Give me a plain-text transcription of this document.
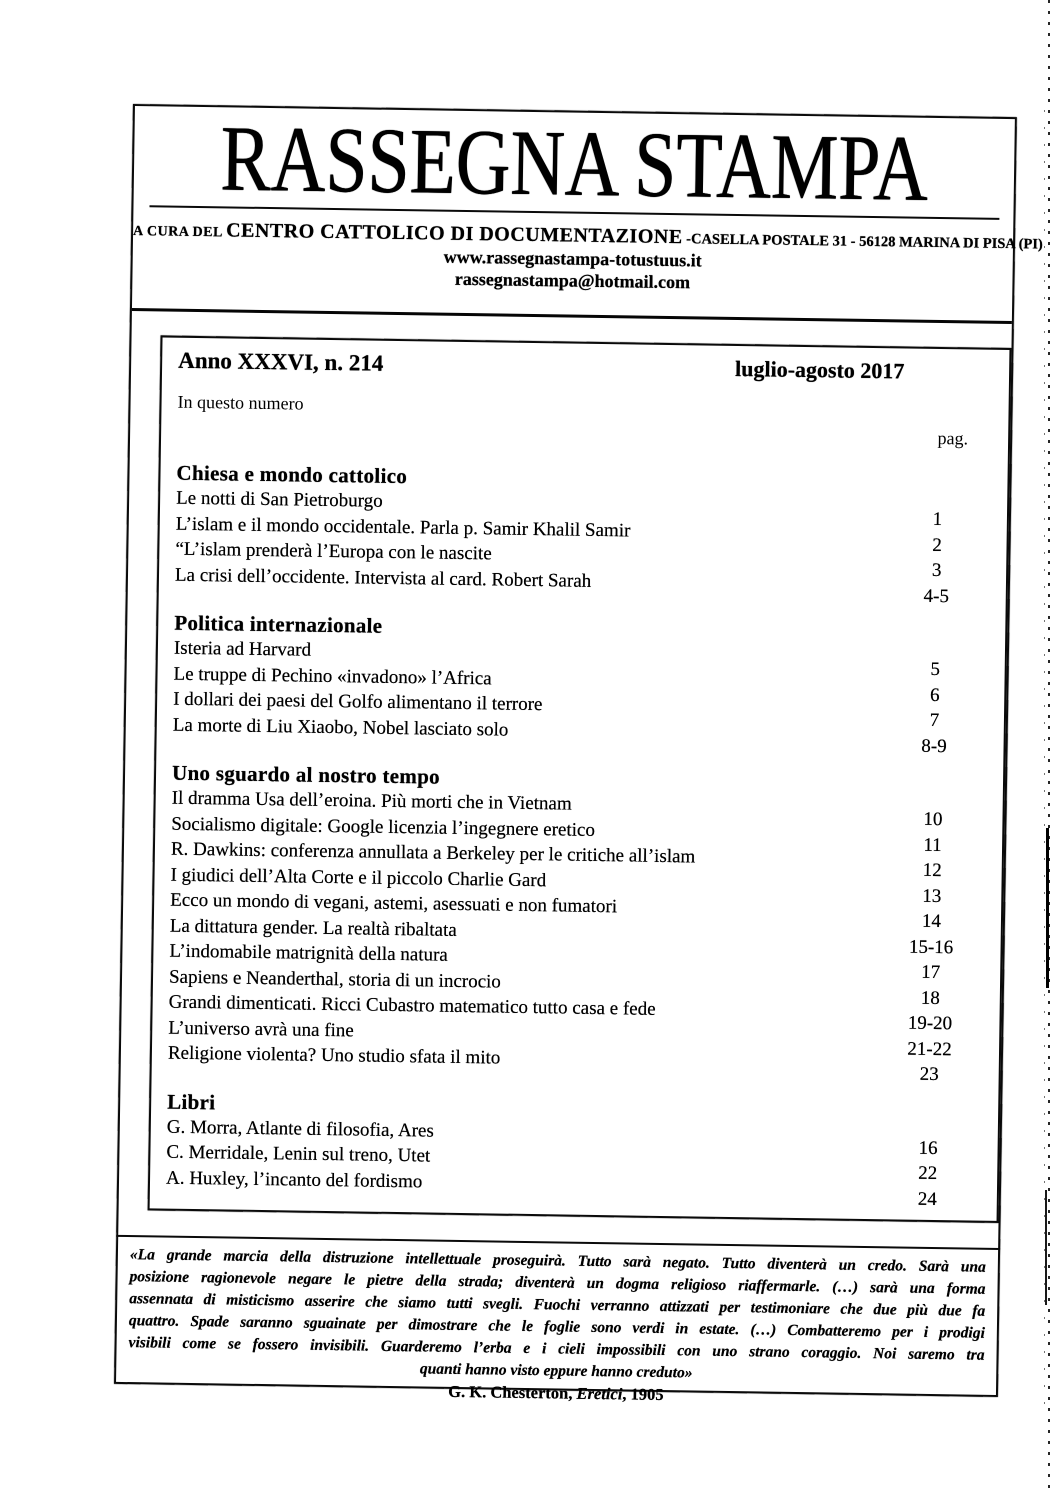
RASSEGNA STAMPA
A CURA DEL CENTRO CATTOLICO DI DOCUMENTAZIONE -CASELLA POSTALE 31 - 56128 MARINA DI PISA (PI)
www.rassegnastampa-totustuus.it
rassegnastampa@hotmail.com
Anno XXXVI, n. 214	luglio-agosto 2017
In questo numero
pag.
Chiesa e mondo cattolico
Le notti di San Pietroburgo
1
L’islam e il mondo occidentale. Parla p. Samir Khalil Samir
2
“L’islam prenderà l’Europa con le nascite
3
La crisi dell’occidente. Intervista al card. Robert Sarah
4-5
Politica internazionale
Isteria ad Harvard
5
Le truppe di Pechino «invadono» l’Africa
6
I dollari dei paesi del Golfo alimentano il terrore
7
La morte di Liu Xiaobo, Nobel lasciato solo
8-9
Uno sguardo al nostro tempo
Il dramma Usa dell’eroina. Più morti che in Vietnam
10
Socialismo digitale: Google licenzia l’ingegnere eretico
11
R. Dawkins: conferenza annullata a Berkeley per le critiche all’islam
12
I giudici dell’Alta Corte e il piccolo Charlie Gard
13
Ecco un mondo di vegani, astemi, asessuati e non fumatori
14
La dittatura gender. La realtà ribaltata
15-16
L’indomabile matrignità della natura
17
Sapiens e Neanderthal, storia di un incrocio
18
Grandi dimenticati. Ricci Cubastro matematico tutto casa e fede
19-20
L’universo avrà una fine
21-22
Religione violenta? Uno studio sfata il mito
23
Libri
G. Morra, Atlante di filosofia, Ares
16
C. Merridale, Lenin sul treno, Utet
22
A. Huxley, l’incanto del fordismo
24
«La grande marcia della distruzione intellettuale proseguirà. Tutto sarà negato. Tutto diventerà un credo. Sarà una
posizione ragionevole negare le pietre della strada; diventerà un dogma religioso riaffermarle. (…) sarà una forma
assennata di misticismo asserire che siamo tutti svegli. Fuochi verranno attizzati per testimoniare che due più due fa
quattro. Spade saranno sguainate per dimostrare che le foglie sono verdi in estate. (…) Combatteremo per i prodigi
visibili come se fossero invisibili. Guarderemo l’erba e i cieli impossibili con uno strano coraggio. Noi saremo tra
quanti hanno visto eppure hanno creduto»
G. K. Chesterton, Eretici, 1905
